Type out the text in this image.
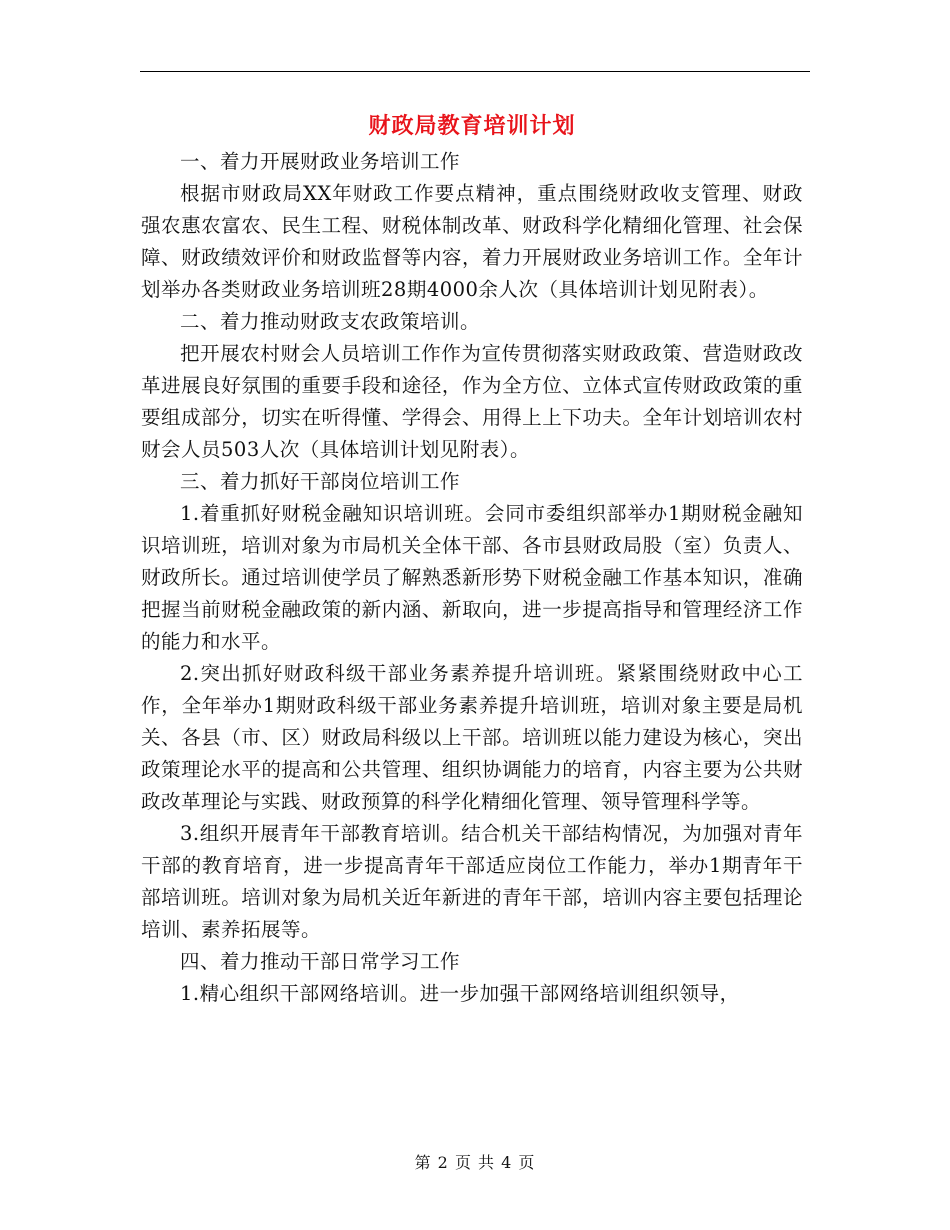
财政局教育培训计划

一、着力开展财政业务培训工作

根据市财政局XX年财政工作要点精神，重点围绕财政收支管理、财政强农惠农富农、民生工程、财税体制改革、财政科学化精细化管理、社会保障、财政绩效评价和财政监督等内容，着力开展财政业务培训工作。全年计划举办各类财政业务培训班28期4000余人次（具体培训计划见附表）。

二、着力推动财政支农政策培训。

把开展农村财会人员培训工作作为宣传贯彻落实财政政策、营造财政改革进展良好氛围的重要手段和途径，作为全方位、立体式宣传财政政策的重要组成部分，切实在听得懂、学得会、用得上上下功夫。全年计划培训农村财会人员503人次（具体培训计划见附表）。

三、着力抓好干部岗位培训工作

1.着重抓好财税金融知识培训班。会同市委组织部举办1期财税金融知识培训班，培训对象为市局机关全体干部、各市县财政局股（室）负责人、财政所长。通过培训使学员了解熟悉新形势下财税金融工作基本知识，准确把握当前财税金融政策的新内涵、新取向，进一步提高指导和管理经济工作的能力和水平。

2.突出抓好财政科级干部业务素养提升培训班。紧紧围绕财政中心工作，全年举办1期财政科级干部业务素养提升培训班，培训对象主要是局机关、各县（市、区）财政局科级以上干部。培训班以能力建设为核心，突出政策理论水平的提高和公共管理、组织协调能力的培育，内容主要为公共财政改革理论与实践、财政预算的科学化精细化管理、领导管理科学等。

3.组织开展青年干部教育培训。结合机关干部结构情况，为加强对青年干部的教育培育，进一步提高青年干部适应岗位工作能力，举办1期青年干部培训班。培训对象为局机关近年新进的青年干部，培训内容主要包括理论培训、素养拓展等。

四、着力推动干部日常学习工作

1.精心组织干部网络培训。进一步加强干部网络培训组织领导，

第 2 页 共 4 页
